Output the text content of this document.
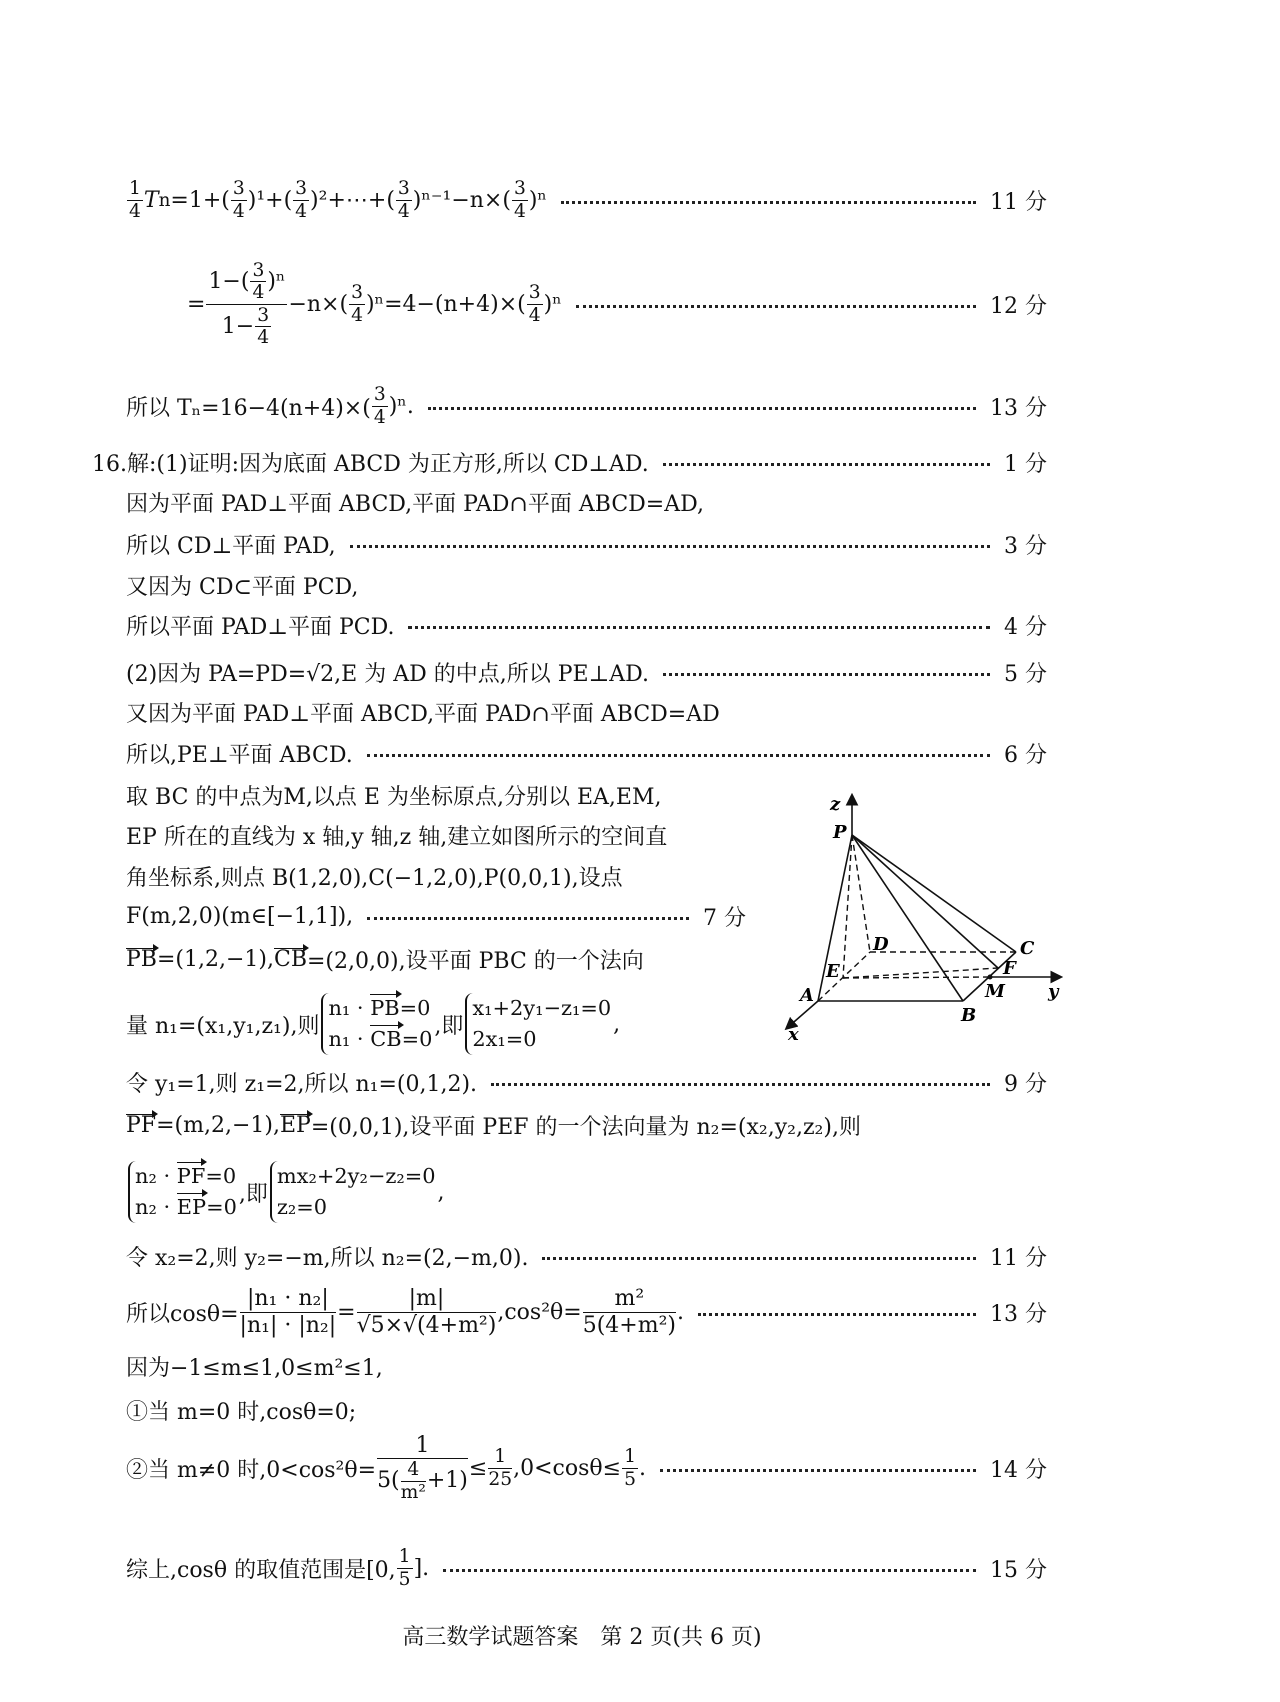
1
4 T n =1+( 3
4 )¹+( 3
4 )²+⋯+( 3
4 )ⁿ⁻¹−n×( 3
4 )ⁿ	11 分
= $\frac{1-( \frac{3}{4} )^n}{1- \frac{3}{4}} -n\times$( 3
4 )ⁿ=4−(n+4)×( 3
4 )ⁿ	12 分
所以 Tₙ=16−4(n+4)×(
3
4 )ⁿ.	13 分
16.解:(1)证明:因为底面 ABCD 为正方形,所以 CD⊥AD.	1 分
因为平面 PAD⊥平面 ABCD,平面 PAD∩平面 ABCD=AD,
所以 CD⊥平面 PAD,	3 分
又因为 CD⊂平面 PCD,
所以平面 PAD⊥平面 PCD.	4 分
(2)因为 PA=PD=√2,E 为 AD 的中点,所以 PE⊥AD.	5 分
又因为平面 PAD⊥平面 ABCD,平面 PAD∩平面 ABCD=AD
所以,PE⊥平面 ABCD.	6 分
取 BC 的中点为M,以点 E 为坐标原点,分别以 EA,EM,
EP 所在的直线为 x 轴,y 轴,z 轴,建立如图所示的空间直
角坐标系,则点 B(1,2,0),C(−1,2,0),P(0,0,1),设点
F(m,2,0)(m∈[−1,1]),	7 分
PB =(1,2,−1), CB =(2,0,0),设平面 PBC 的一个法向
量 n₁=(x₁,y₁,z₁),则
n₁ · PB=0
n₁ · CB=0
,即
x₁+2y₁−z₁=0
2x₁=0
,
令 y₁=1,则 z₁=2,所以 n₁=(0,1,2).	9 分
PF =(m,2,−1), EP =(0,0,1),设平面 PEF 的一个法向量为 n₂=(x₂,y₂,z₂),则
n₂ · PF=0
n₂ · EP=0
,即
mx₂+2y₂−z₂=0
z₂=0
,
令 x₂=2,则 y₂=−m,所以 n₂=(2,−m,0).	11 分
所以$\cos\theta= \frac{\text{|n₁ · n₂|}}{\text{|n₁| · |n₂|}} = \frac{|m|}{\text{√5×√(4+m²)}} ,\cos^2\theta= \frac{\text{m²}}{\text{5(4+m²)}}$ .	13 分
因为−1≤m≤1,0≤m²≤1,
①当 m=0 时,cosθ=0;
②当 m≠0 时$,0<\cos^2\theta= \frac{1}{5( \frac{4}{\text{m²}} +1)} \le \frac{1}{25} ,0<\cos\theta\le \frac{1}{5}$ .	14 分
综上,cosθ 的取值范围是[0,
1
5 ].	15 分
z
P
D	C
E	F
M y
A
B
x
高三数学试题答案　第 2 页(共 6 页)
